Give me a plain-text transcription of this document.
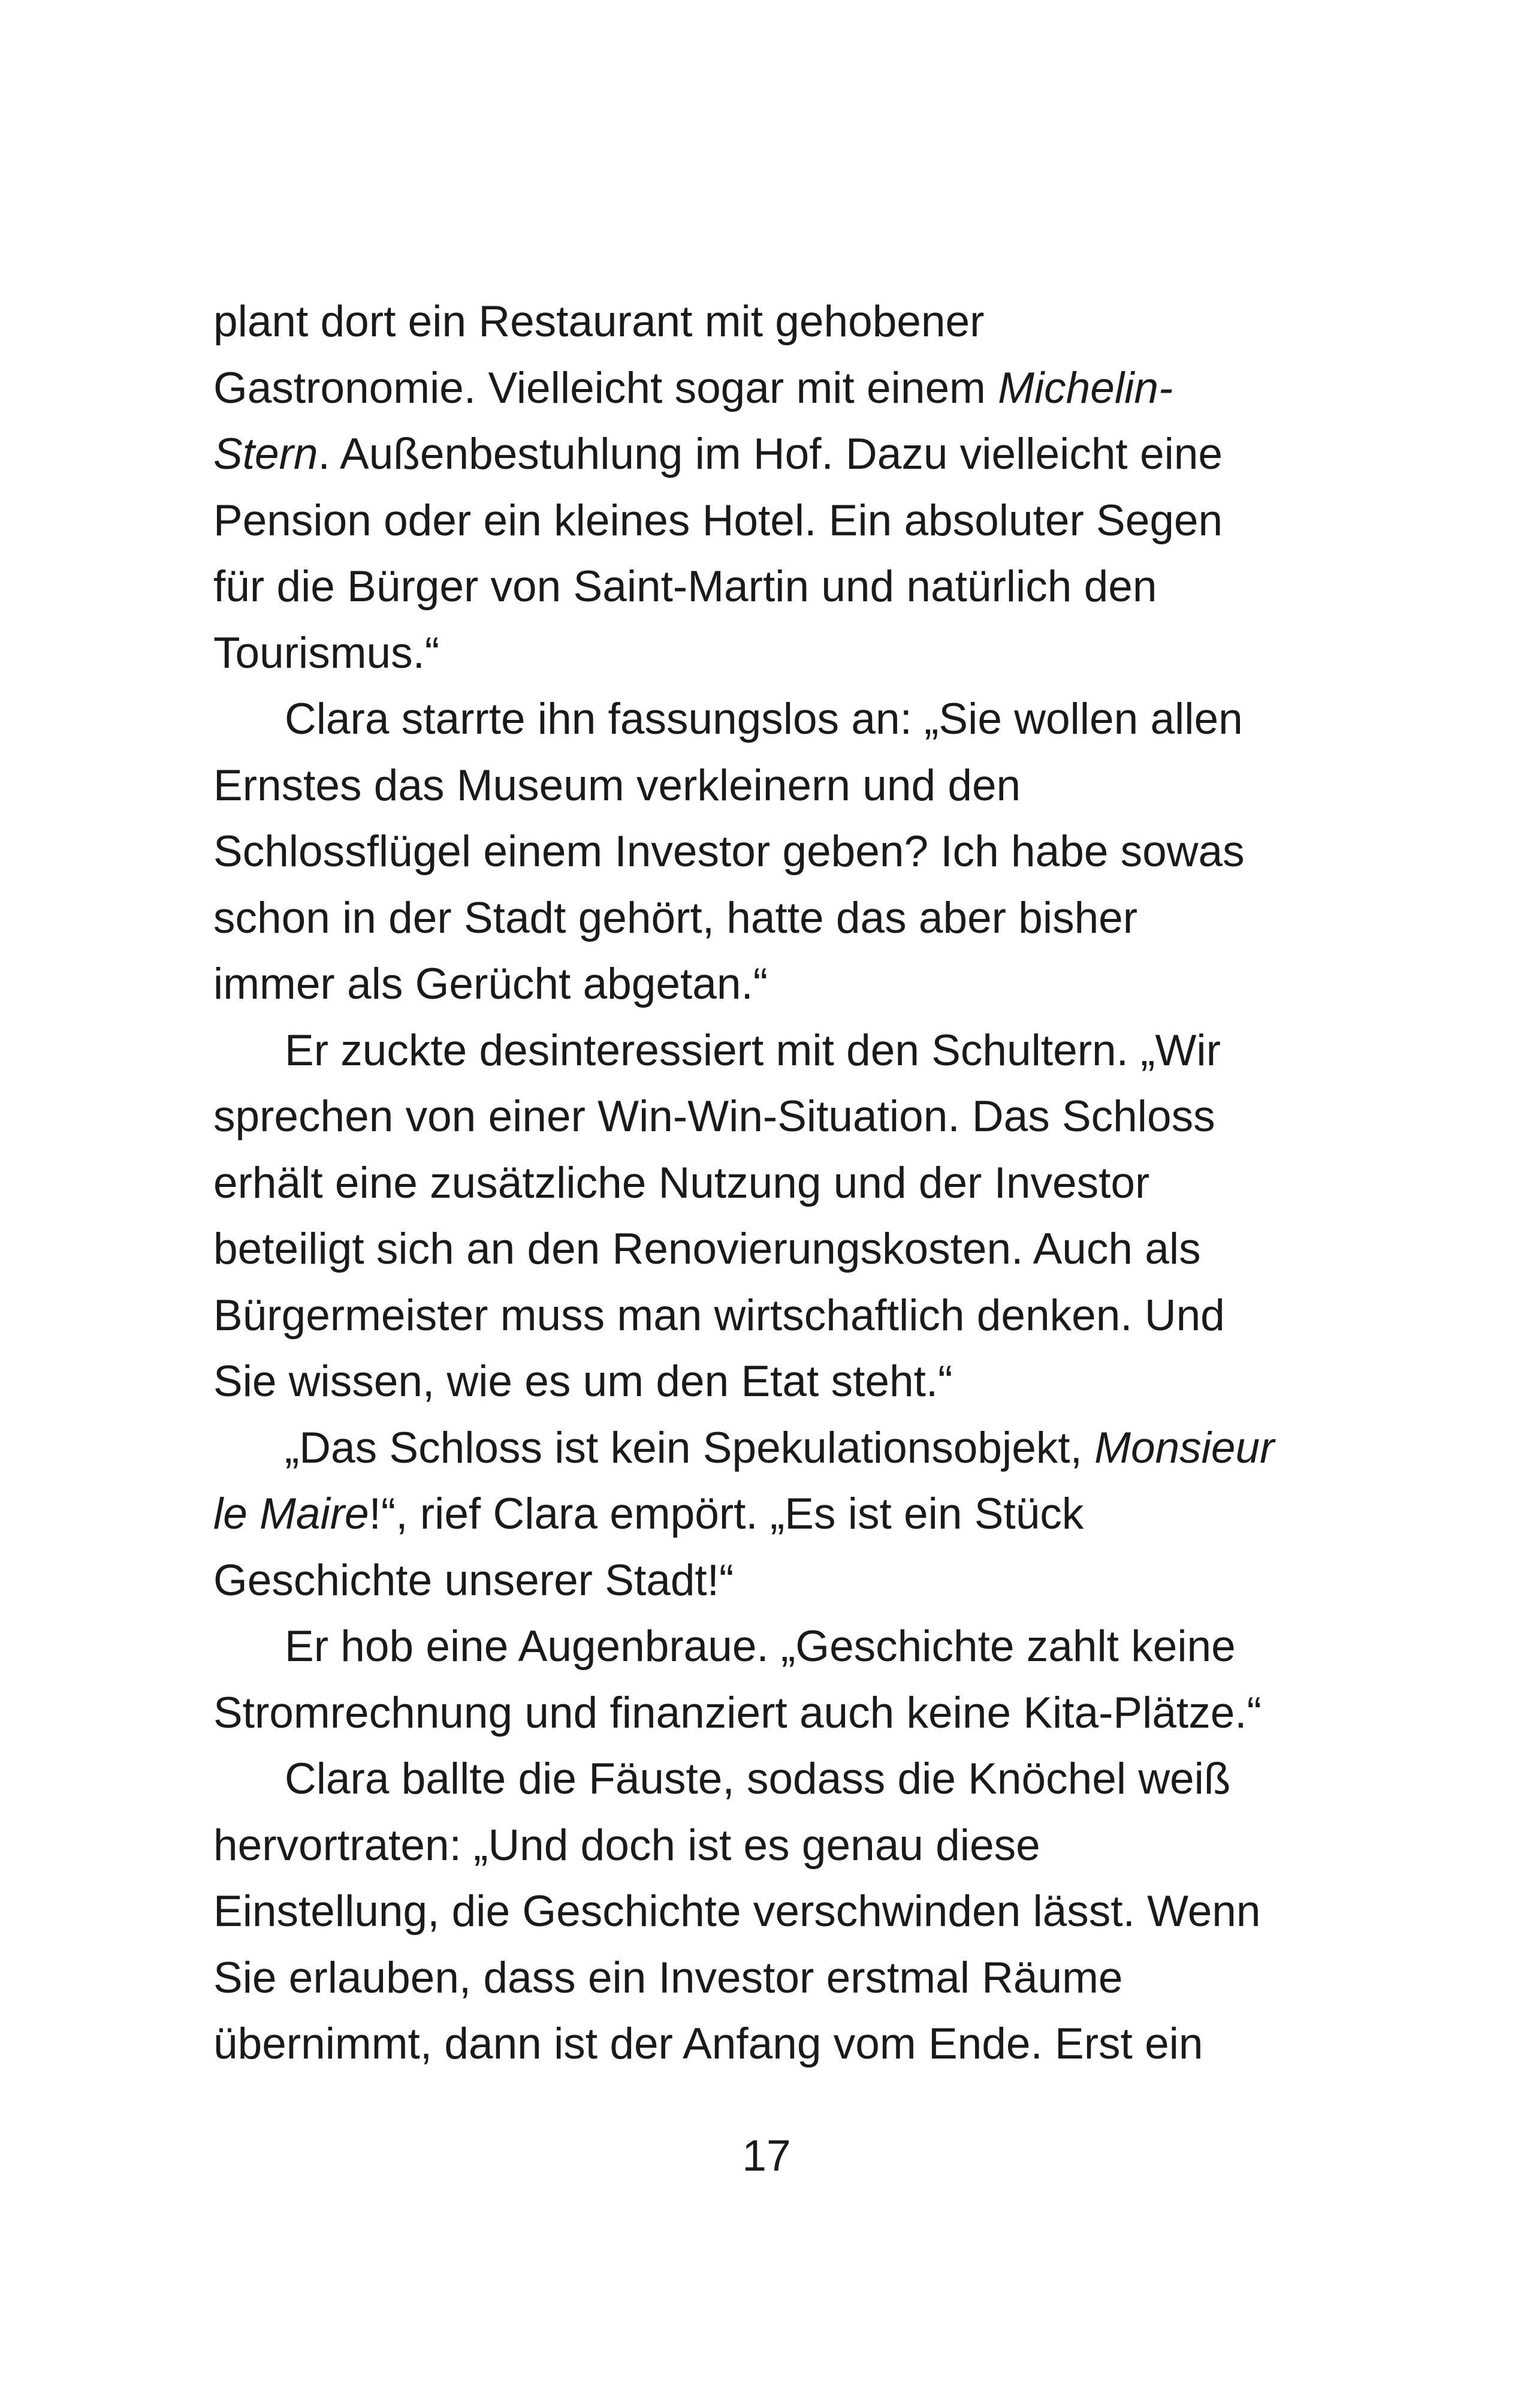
plant dort ein Restaurant mit gehobener
Gastronomie. Vielleicht sogar mit einem Michelin-
Stern. Außenbestuhlung im Hof. Dazu vielleicht eine
Pension oder ein kleines Hotel. Ein absoluter Segen
für die Bürger von Saint-Martin und natürlich den
Tourismus.“
Clara starrte ihn fassungslos an: „Sie wollen allen
Ernstes das Museum verkleinern und den
Schlossflügel einem Investor geben? Ich habe sowas
schon in der Stadt gehört, hatte das aber bisher
immer als Gerücht abgetan.“
Er zuckte desinteressiert mit den Schultern. „Wir
sprechen von einer Win-Win-Situation. Das Schloss
erhält eine zusätzliche Nutzung und der Investor
beteiligt sich an den Renovierungskosten. Auch als
Bürgermeister muss man wirtschaftlich denken. Und
Sie wissen, wie es um den Etat steht.“
„Das Schloss ist kein Spekulationsobjekt, Monsieur
le Maire!“, rief Clara empört. „Es ist ein Stück
Geschichte unserer Stadt!“
Er hob eine Augenbraue. „Geschichte zahlt keine
Stromrechnung und finanziert auch keine Kita-Plätze.“
Clara ballte die Fäuste, sodass die Knöchel weiß
hervortraten: „Und doch ist es genau diese
Einstellung, die Geschichte verschwinden lässt. Wenn
Sie erlauben, dass ein Investor erstmal Räume
übernimmt, dann ist der Anfang vom Ende. Erst ein
17
